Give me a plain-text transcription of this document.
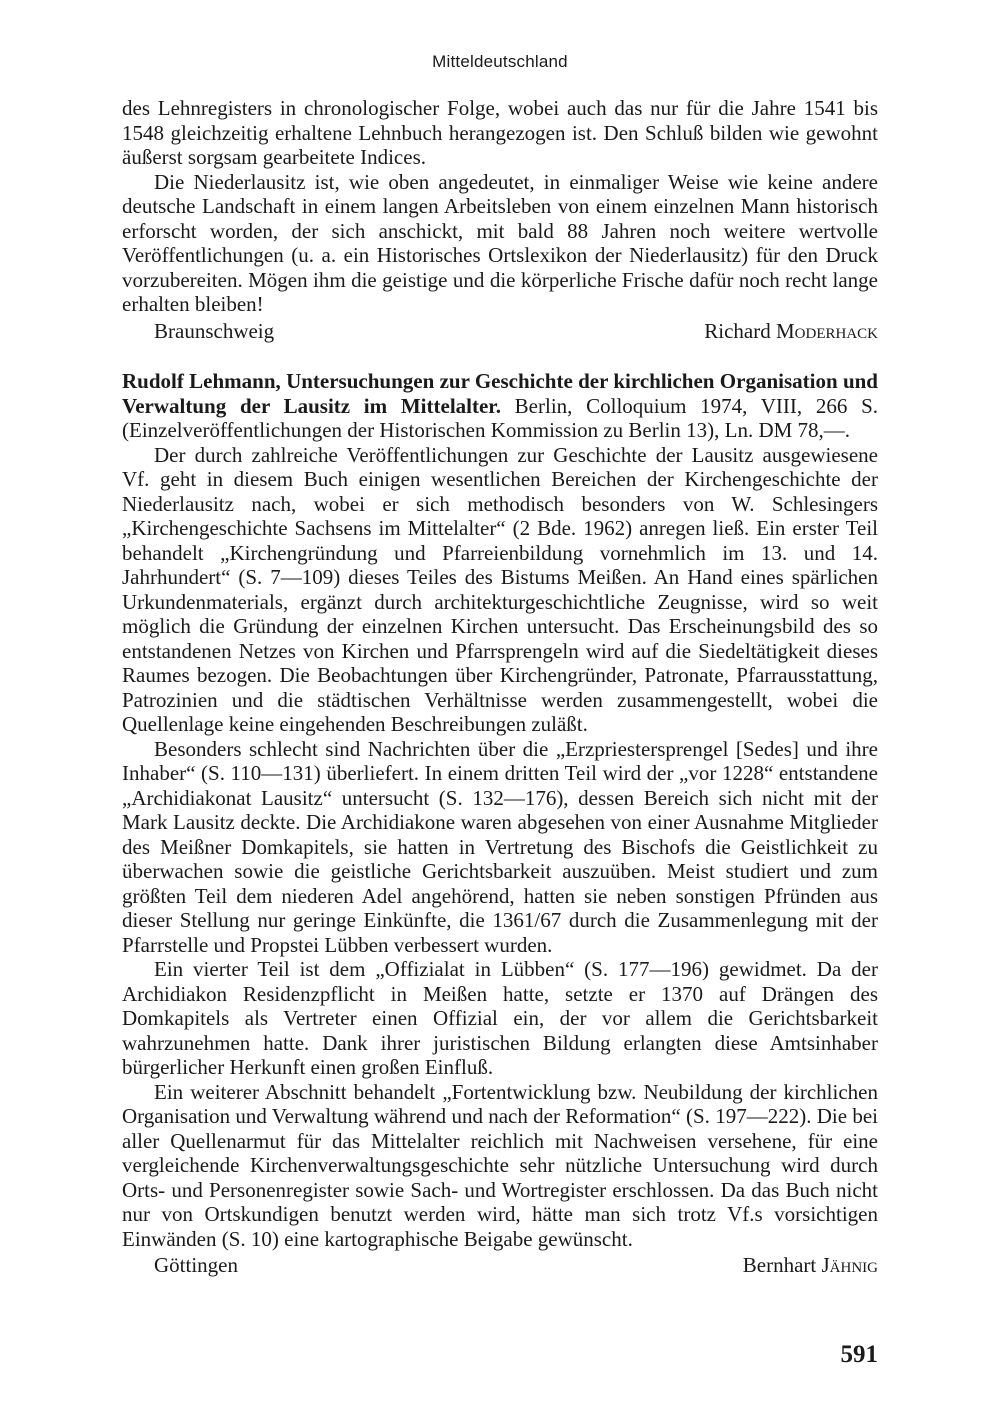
Mitteldeutschland

des Lehnregisters in chronologischer Folge, wobei auch das nur für die Jahre 1541 bis 1548 gleichzeitig erhaltene Lehnbuch herangezogen ist. Den Schluß bilden wie gewohnt äußerst sorgsam gearbeitete Indices.

Die Niederlausitz ist, wie oben angedeutet, in einmaliger Weise wie keine andere deutsche Landschaft in einem langen Arbeitsleben von einem einzelnen Mann historisch erforscht worden, der sich anschickt, mit bald 88 Jahren noch weitere wertvolle Veröffentlichungen (u. a. ein Historisches Ortslexikon der Niederlausitz) für den Druck vorzubereiten. Mögen ihm die geistige und die körperliche Frische dafür noch recht lange erhalten bleiben!

Braunschweig	Richard Moderhack

Rudolf Lehmann, Untersuchungen zur Geschichte der kirchlichen Organisation und Verwaltung der Lausitz im Mittelalter. Berlin, Colloquium 1974, VIII, 266 S. (Einzelveröffentlichungen der Historischen Kommission zu Berlin 13), Ln. DM 78,—.

Der durch zahlreiche Veröffentlichungen zur Geschichte der Lausitz ausgewiesene Vf. geht in diesem Buch einigen wesentlichen Bereichen der Kirchengeschichte der Niederlausitz nach, wobei er sich methodisch besonders von W. Schlesingers „Kirchengeschichte Sachsens im Mittelalter“ (2 Bde. 1962) anregen ließ. Ein erster Teil behandelt „Kirchengründung und Pfarreienbildung vornehmlich im 13. und 14. Jahrhundert“ (S. 7—109) dieses Teiles des Bistums Meißen. An Hand eines spärlichen Urkundenmaterials, ergänzt durch architekturgeschichtliche Zeugnisse, wird so weit möglich die Gründung der einzelnen Kirchen untersucht. Das Erscheinungsbild des so entstandenen Netzes von Kirchen und Pfarrsprengeln wird auf die Siedeltätigkeit dieses Raumes bezogen. Die Beobachtungen über Kirchengründer, Patronate, Pfarrausstattung, Patrozinien und die städtischen Verhältnisse werden zusammengestellt, wobei die Quellenlage keine eingehenden Beschreibungen zuläßt.

Besonders schlecht sind Nachrichten über die „Erzpriestersprengel [Sedes] und ihre Inhaber“ (S. 110—131) überliefert. In einem dritten Teil wird der „vor 1228“ entstandene „Archidiakonat Lausitz“ untersucht (S. 132—176), dessen Bereich sich nicht mit der Mark Lausitz deckte. Die Archidiakone waren abgesehen von einer Ausnahme Mitglieder des Meißner Domkapitels, sie hatten in Vertretung des Bischofs die Geistlichkeit zu überwachen sowie die geistliche Gerichtsbarkeit auszuüben. Meist studiert und zum größten Teil dem niederen Adel angehörend, hatten sie neben sonstigen Pfründen aus dieser Stellung nur geringe Einkünfte, die 1361/67 durch die Zusammenlegung mit der Pfarrstelle und Propstei Lübben verbessert wurden.

Ein vierter Teil ist dem „Offizialat in Lübben“ (S. 177—196) gewidmet. Da der Archidiakon Residenzpflicht in Meißen hatte, setzte er 1370 auf Drängen des Domkapitels als Vertreter einen Offizial ein, der vor allem die Gerichtsbarkeit wahrzunehmen hatte. Dank ihrer juristischen Bildung erlangten diese Amtsinhaber bürgerlicher Herkunft einen großen Einfluß.

Ein weiterer Abschnitt behandelt „Fortentwicklung bzw. Neubildung der kirchlichen Organisation und Verwaltung während und nach der Reformation“ (S. 197—222). Die bei aller Quellenarmut für das Mittelalter reichlich mit Nachweisen versehene, für eine vergleichende Kirchenverwaltungsgeschichte sehr nützliche Untersuchung wird durch Orts- und Personenregister sowie Sach- und Wortregister erschlossen. Da das Buch nicht nur von Ortskundigen benutzt werden wird, hätte man sich trotz Vf.s vorsichtigen Einwänden (S. 10) eine kartographische Beigabe gewünscht.

Göttingen	Bernhart Jähnig
591
